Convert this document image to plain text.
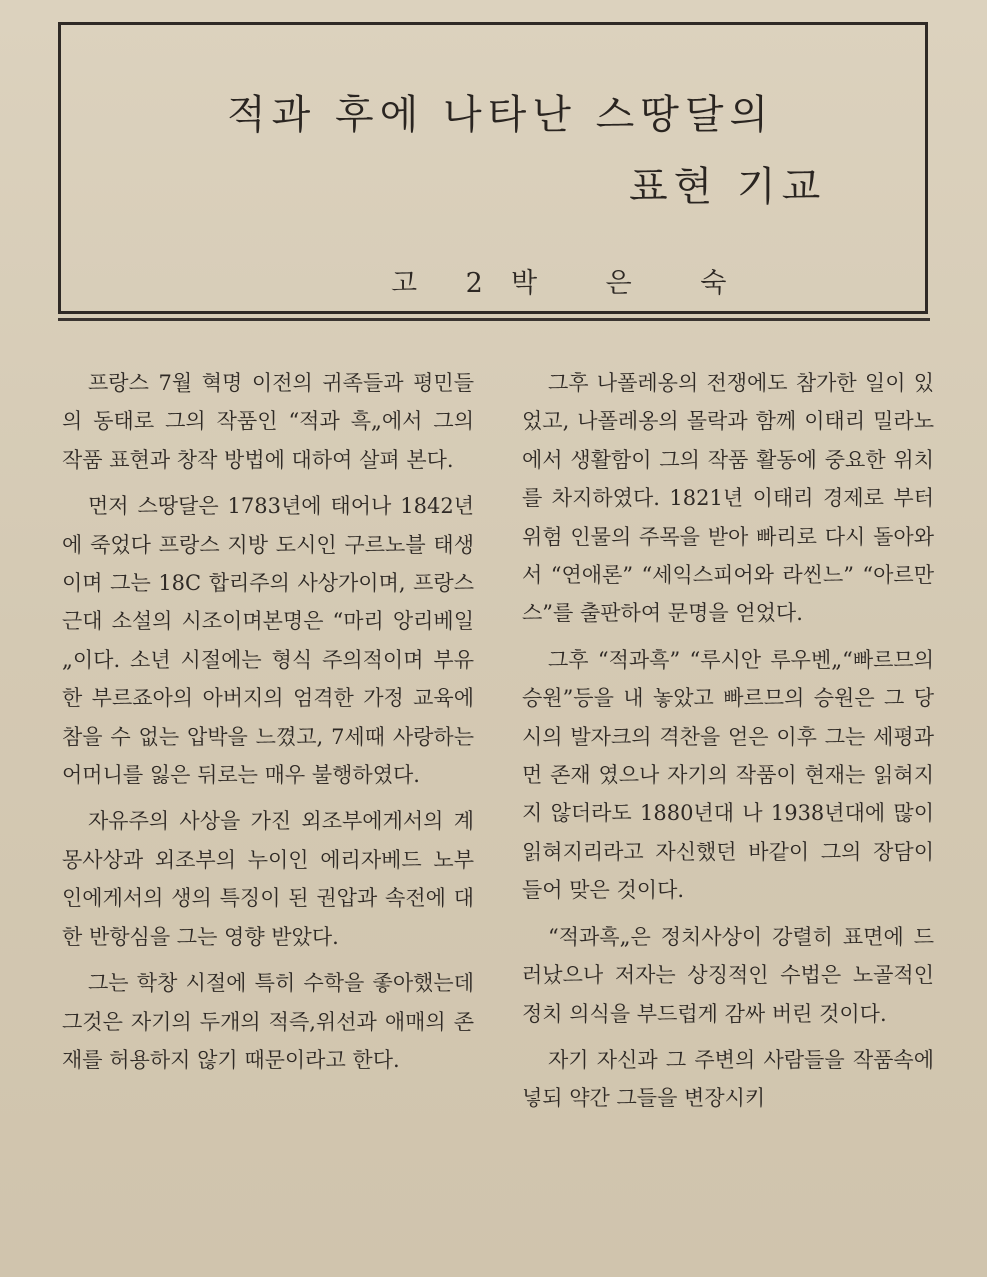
적과 후에 나타난 스땅달의
표현 기교
고 2 박 은 숙

프랑스 7월 혁명 이전의 귀족들과 평민들의 동태로 그의 작품인 “적과 흑„에서 그의 작품 표현과 창작 방법에 대하여 살펴 본다.

먼저 스땅달은 1783년에 태어나 1842년에 죽었다 프랑스 지방 도시인 구르노블 태생이며 그는 18C 합리주의 사상가이며, 프랑스 근대 소설의 시조이며본명은 “마리 앙리베일„이다. 소년 시절에는 형식 주의적이며 부유한 부르죠아의 아버지의 엄격한 가정 교육에 참을 수 없는 압박을 느꼈고, 7세때 사랑하는 어머니를 잃은 뒤로는 매우 불행하였다.

자유주의 사상을 가진 외조부에게서의 계몽사상과 외조부의 누이인 에리자베드 노부인에게서의 생의 특징이 된 권압과 속전에 대한 반항심을 그는 영향 받았다.

그는 학창 시절에 특히 수학을 좋아했는데 그것은 자기의 두개의 적즉,위선과 애매의 존재를 허용하지 않기 때문이라고 한다.

그후 나폴레옹의 전쟁에도 참가한 일이 있었고, 나폴레옹의 몰락과 함께 이태리 밀라노에서 생활함이 그의 작품 활동에 중요한 위치를 차지하였다. 1821년 이태리 경제로 부터 위험 인물의 주목을 받아 빠리로 다시 돌아와서 “연애론” “세익스피어와 라씬느” “아르만스”를 출판하여 문명을 얻었다.

그후 “적과흑” “루시안 루우벤„“빠르므의 승원”등을 내 놓았고 빠르므의 승원은 그 당시의 발자크의 격찬을 얻은 이후 그는 세평과 먼 존재 였으나 자기의 작품이 현재는 읽혀지지 않더라도 1880년대 나 1938년대에 많이 읽혀지리라고 자신했던 바같이 그의 장담이 들어 맞은 것이다.

“적과흑„은 정치사상이 강렬히 표면에 드러났으나 저자는 상징적인 수법은 노골적인 정치 의식을 부드럽게 감싸 버린 것이다.

자기 자신과 그 주변의 사람들을 작품속에 넣되 약간 그들을 변장시키
